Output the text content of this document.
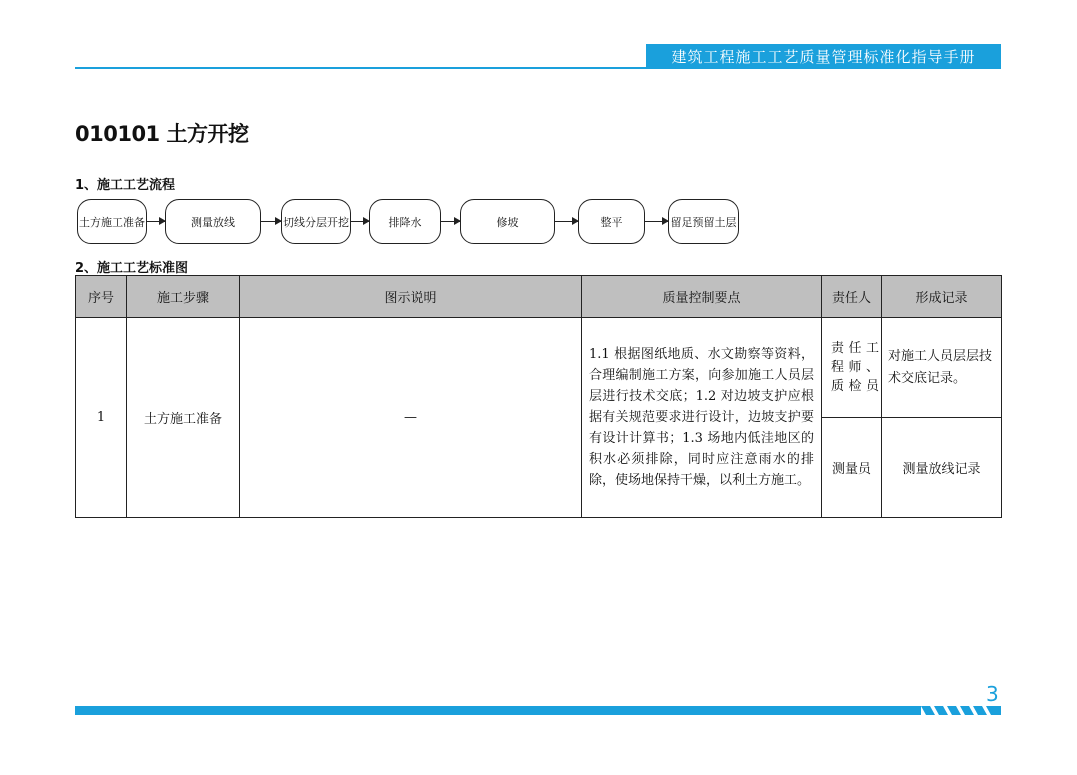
建筑工程施工工艺质量管理标准化指导手册
010101 土方开挖
1、施工工艺流程
土方施工准备	测量放线	切线分层开挖	排降水	修坡	整平	留足预留土层
2、施工工艺标准图
序号	施工步骤	图示说明	质量控制要点	责任人	形成记录
1	土方施工准备	—	1.1 根据图纸地质、水文勘察等资料，合理编制施工方案，向参加施工人员层层进行技术交底；1.2 对边坡支护应根据有关规范要求进行设计，边坡支护要有设计计算书；1.3 场地内低洼地区的积水必须排除，同时应注意雨水的排除，使场地保持干燥，以利土方施工。	责任工程师、质检员	对施工人员层层技术交底记录。
				测量员	测量放线记录
3
